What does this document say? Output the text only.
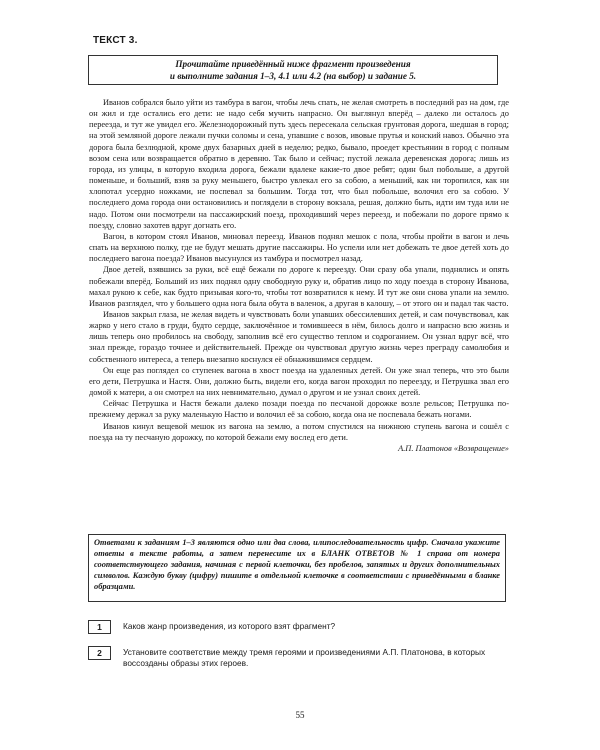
ТЕКСТ 3.
Прочитайте приведённый ниже фрагмент произведения
и выполните задания 1–3, 4.1 или 4.2 (на выбор) и задание 5.

Иванов собрался было уйти из тамбура в вагон, чтобы лечь спать, не желая смотреть в последний раз на дом, где он жил и где остались его дети: не надо себя мучить напрасно. Он выглянул вперёд – далеко ли осталось до переезда, и тут же увидел его. Железнодорожный путь здесь пересекала сельская грунтовая дорога, шедшая в город; на этой земляной дороге лежали пучки соломы и сена, упавшие с возов, ивовые прутья и конский навоз. Обычно эта дорога была безлюдной, кроме двух базарных дней в неделю; редко, бывало, проедет крестьянин в город с полным возом сена или возвращается обратно в деревню. Так было и сейчас; пустой лежала деревенская дорога; лишь из города, из улицы, в которую входила дорога, бежали вдалеке какие-то двое ребят; один был побольше, а другой поменьше, и больший, взяв за руку меньшего, быстро увлекал его за собою, а меньший, как ни торопился, как ни хлопотал усердно ножками, не поспевал за большим. Тогда тот, что был побольше, волочил его за собою. У последнего дома города они остановились и поглядели в сторону вокзала, решая, должно быть, идти им туда или не надо. Потом они посмотрели на пассажирский поезд, проходивший через переезд, и побежали по дороге прямо к поезду, словно захотев вдруг догнать его.

Вагон, в котором стоял Иванов, миновал переезд. Иванов поднял мешок с пола, чтобы пройти в вагон и лечь спать на верхнюю полку, где не будут мешать другие пассажиры. Но успели или нет добежать те двое детей хоть до последнего вагона поезда? Иванов высунулся из тамбура и посмотрел назад.

Двое детей, взявшись за руки, всё ещё бежали по дороге к переезду. Они сразу оба упали, поднялись и опять побежали вперёд. Больший из них поднял одну свободную руку и, обратив лицо по ходу поезда в сторону Иванова, махал рукою к себе, как будто призывая кого-то, чтобы тот возвратился к нему. И тут же они снова упали на землю. Иванов разглядел, что у большего одна нога была обута в валенок, а другая в калошу, – от этого он и падал так часто.

Иванов закрыл глаза, не желая видеть и чувствовать боли упавших обессилевших детей, и сам почувствовал, как жарко у него стало в груди, будто сердце, заключённое и томившееся в нём, билось долго и напрасно всю жизнь и лишь теперь оно пробилось на свободу, заполнив всё его существо теплом и содроганием. Он узнал вдруг всё, что знал прежде, гораздо точнее и действительней. Прежде он чувствовал другую жизнь через преграду самолюбия и собственного интереса, а теперь внезапно коснулся её обнажившимся сердцем.

Он еще раз поглядел со ступенек вагона в хвост поезда на удаленных детей. Он уже знал теперь, что это были его дети, Петрушка и Настя. Они, должно быть, видели его, когда вагон проходил по переезду, и Петрушка звал его домой к матери, а он смотрел на них невнимательно, думал о другом и не узнал своих детей.

Сейчас Петрушка и Настя бежали далеко позади поезда по песчаной дорожке возле рельсов; Петрушка по-прежнему держал за руку маленькую Настю и волочил её за собою, когда она не поспевала бежать ногами.

Иванов кинул вещевой мешок из вагона на землю, а потом спустился на нижнюю ступень вагона и сошёл с поезда на ту песчаную дорожку, по которой бежали ему вослед его дети.

А.П. Платонов «Возвращение»
Ответами к заданиям 1–3 являются одно или два слова, илипоследовательность цифр. Сначала укажите ответы в тексте работы, а затем перенесите их в БЛАНК ОТВЕТОВ № 1 справа от номера соответствующего задания, начиная с первой клеточки, без пробелов, запятых и других дополнительных символов. Каждую букву (цифру) пишите в отдельной клеточке в соответствии с приведёнными в бланке образцами.
1	Каков жанр произведения, из которого взят фрагмент?
2	Установите соответствие между тремя героями и произведениями А.П. Платонова, в которых воссозданы образы этих героев.
55
